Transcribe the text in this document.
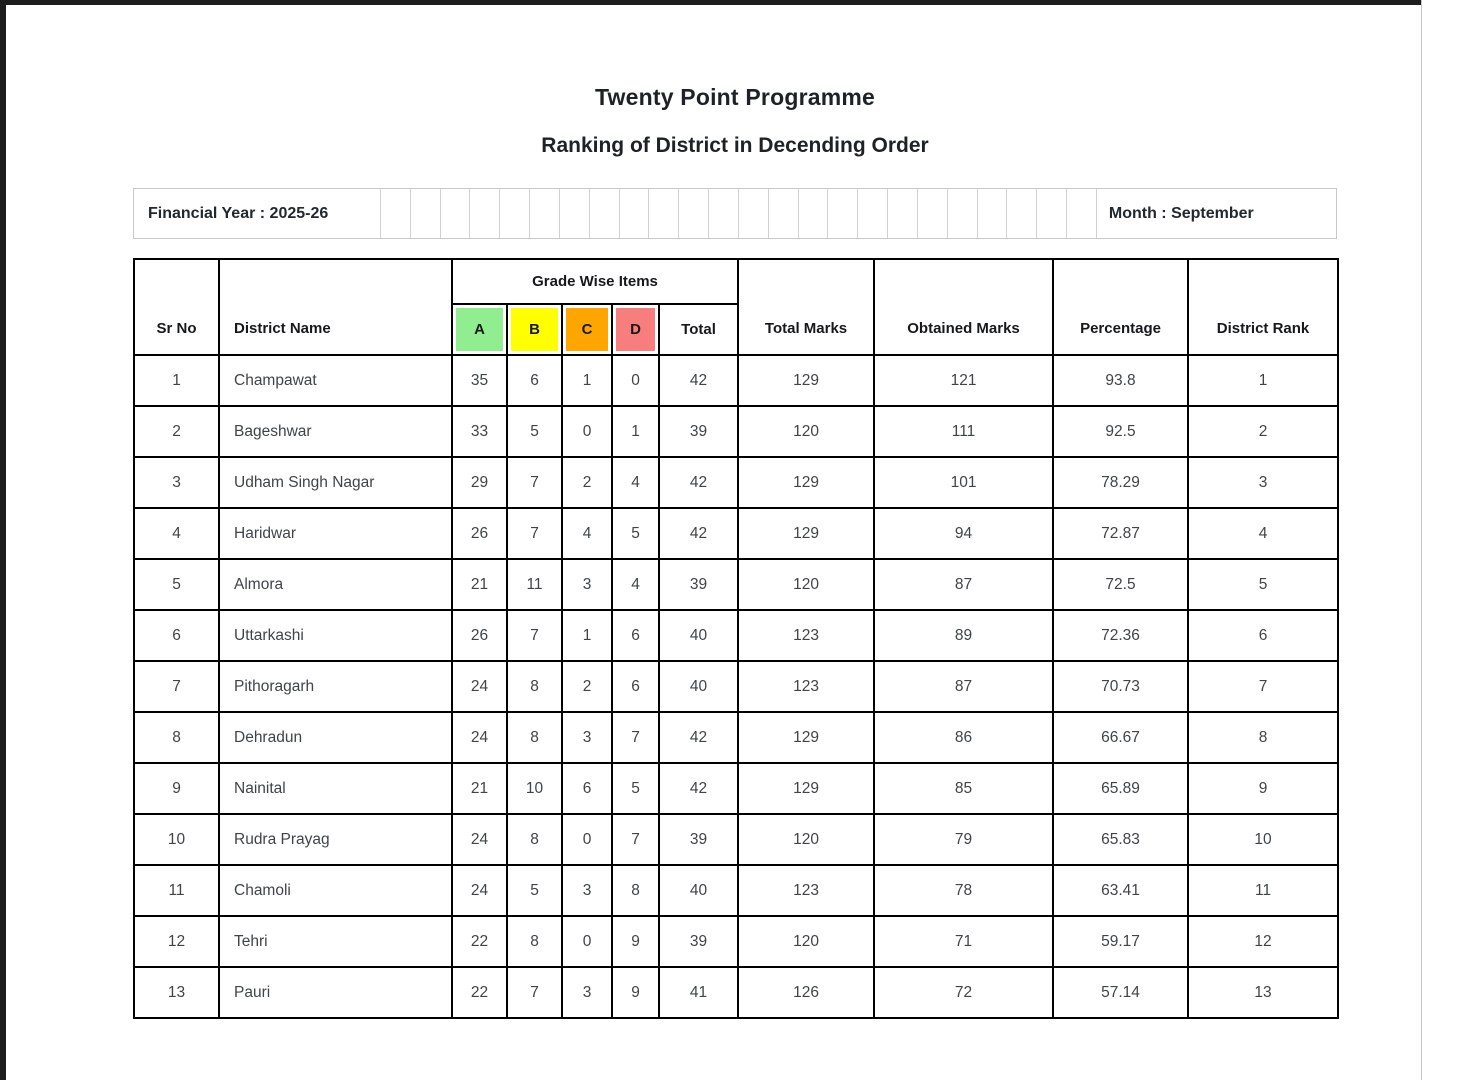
Twenty Point Programme
Ranking of District in Decending Order
Financial Year : 2025-26	Month : September
Sr No	District Name	Grade Wise Items					Total Marks	Obtained Marks	Percentage	District Rank
		A	B	C	D	Total				
1	Champawat	35	6	1	0	42	129	121	93.8	1
2	Bageshwar	33	5	0	1	39	120	111	92.5	2
3	Udham Singh Nagar	29	7	2	4	42	129	101	78.29	3
4	Haridwar	26	7	4	5	42	129	94	72.87	4
5	Almora	21	11	3	4	39	120	87	72.5	5
6	Uttarkashi	26	7	1	6	40	123	89	72.36	6
7	Pithoragarh	24	8	2	6	40	123	87	70.73	7
8	Dehradun	24	8	3	7	42	129	86	66.67	8
9	Nainital	21	10	6	5	42	129	85	65.89	9
10	Rudra Prayag	24	8	0	7	39	120	79	65.83	10
11	Chamoli	24	5	3	8	40	123	78	63.41	11
12	Tehri	22	8	0	9	39	120	71	59.17	12
13	Pauri	22	7	3	9	41	126	72	57.14	13
